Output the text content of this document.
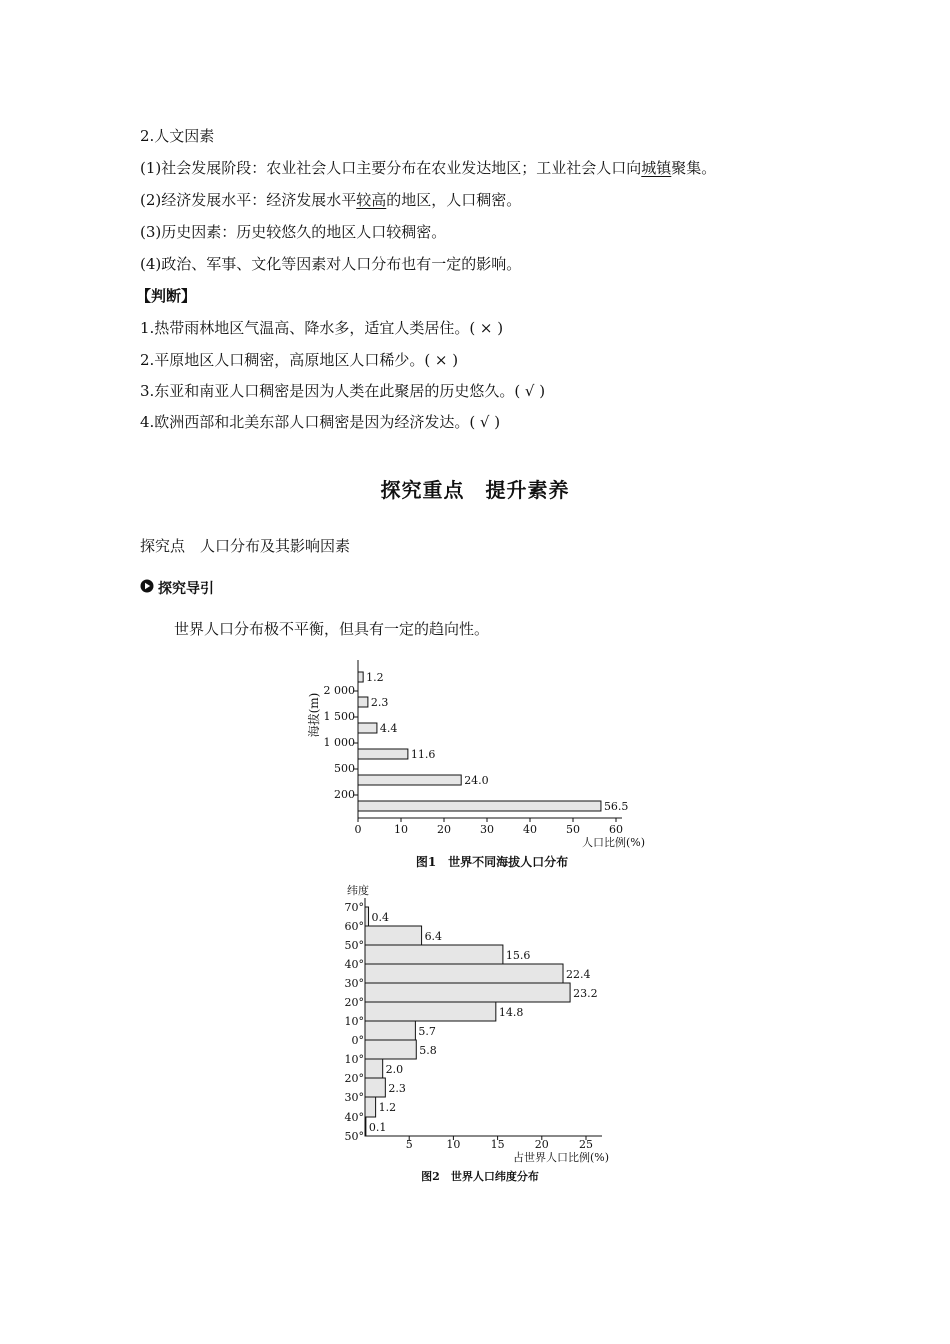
2.人文因素
(1)社会发展阶段：农业社会人口主要分布在农业发达地区；工业社会人口向城镇聚集。
(2)经济发展水平：经济发展水平较高的地区，人口稠密。
(3)历史因素：历史较悠久的地区人口较稠密。
(4)政治、军事、文化等因素对人口分布也有一定的影响。
【判断】
1.热带雨林地区气温高、降水多，适宜人类居住。( × )
2.平原地区人口稠密，高原地区人口稀少。( × )
3.东亚和南亚人口稠密是因为人类在此聚居的历史悠久。( √ )
4.欧洲西部和北美东部人口稠密是因为经济发达。( √ )
探究重点　提升素养
探究点　人口分布及其影响因素
探究导引
世界人口分布极不平衡，但具有一定的趋向性。
56.5
24.0
11.6
4.4
2.3
1.2
200
500
1 000
1 500
2 000
0	10	20	30	40	50	60
海拔(m)
人口比例(%)
图1　世界不同海拔人口分布
0.4
6.4
15.6
22.4
23.2
14.8
5.7
5.8
2.0
2.3
1.2
0.1
70°
60°
50°
40°
30°
20°
10°
0°
10°
20°
30°
40°
50°
5	10	15	20	25
纬度
占世界人口比例(%)
图2　世界人口纬度分布
